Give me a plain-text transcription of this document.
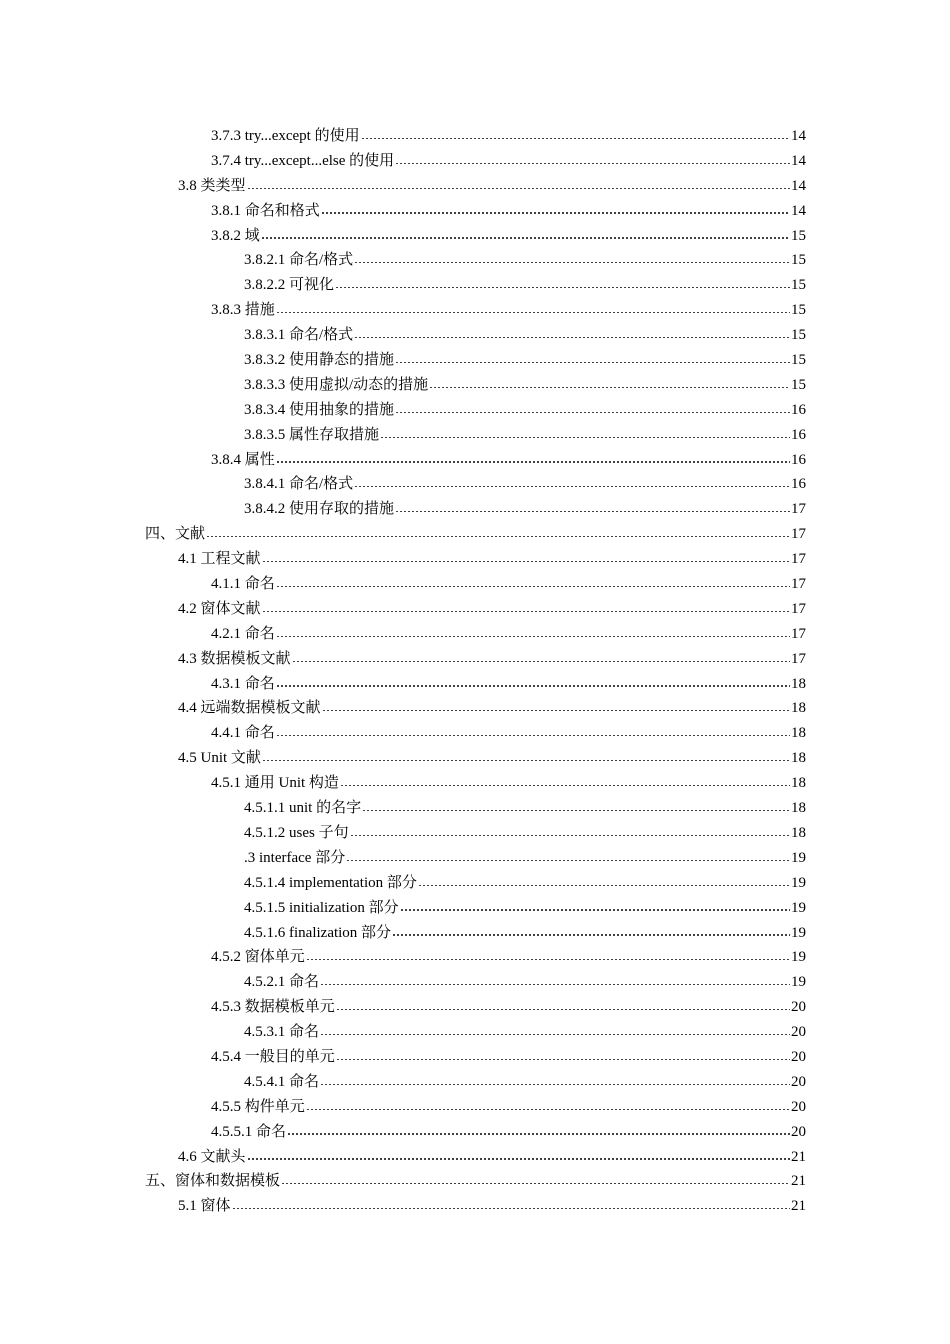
3.7.3 try...except 的使用	14
3.7.4 try...except...else 的使用	14
3.8 类类型	14
3.8.1 命名和格式	14
3.8.2 域	15
3.8.2.1 命名/格式	15
3.8.2.2 可视化	15
3.8.3 措施	15
3.8.3.1 命名/格式	15
3.8.3.2 使用静态的措施	15
3.8.3.3 使用虚拟/动态的措施	15
3.8.3.4 使用抽象的措施	16
3.8.3.5 属性存取措施	16
3.8.4 属性	16
3.8.4.1 命名/格式	16
3.8.4.2 使用存取的措施	17
四、文献	17
4.1 工程文献	17
4.1.1 命名	17
4.2 窗体文献	17
4.2.1 命名	17
4.3 数据模板文献	17
4.3.1 命名	18
4.4 远端数据模板文献	18
4.4.1 命名	18
4.5 Unit 文献	18
4.5.1 通用 Unit 构造	18
4.5.1.1 unit 的名字	18
4.5.1.2 uses 子句	18
.3 interface 部分	19
4.5.1.4 implementation 部分	19
4.5.1.5 initialization 部分	19
4.5.1.6 finalization 部分	19
4.5.2 窗体单元	19
4.5.2.1 命名	19
4.5.3 数据模板单元	20
4.5.3.1 命名	20
4.5.4 一般目的单元	20
4.5.4.1 命名	20
4.5.5 构件单元	20
4.5.5.1 命名	20
4.6 文献头	21
五、窗体和数据模板	21
5.1 窗体	21
